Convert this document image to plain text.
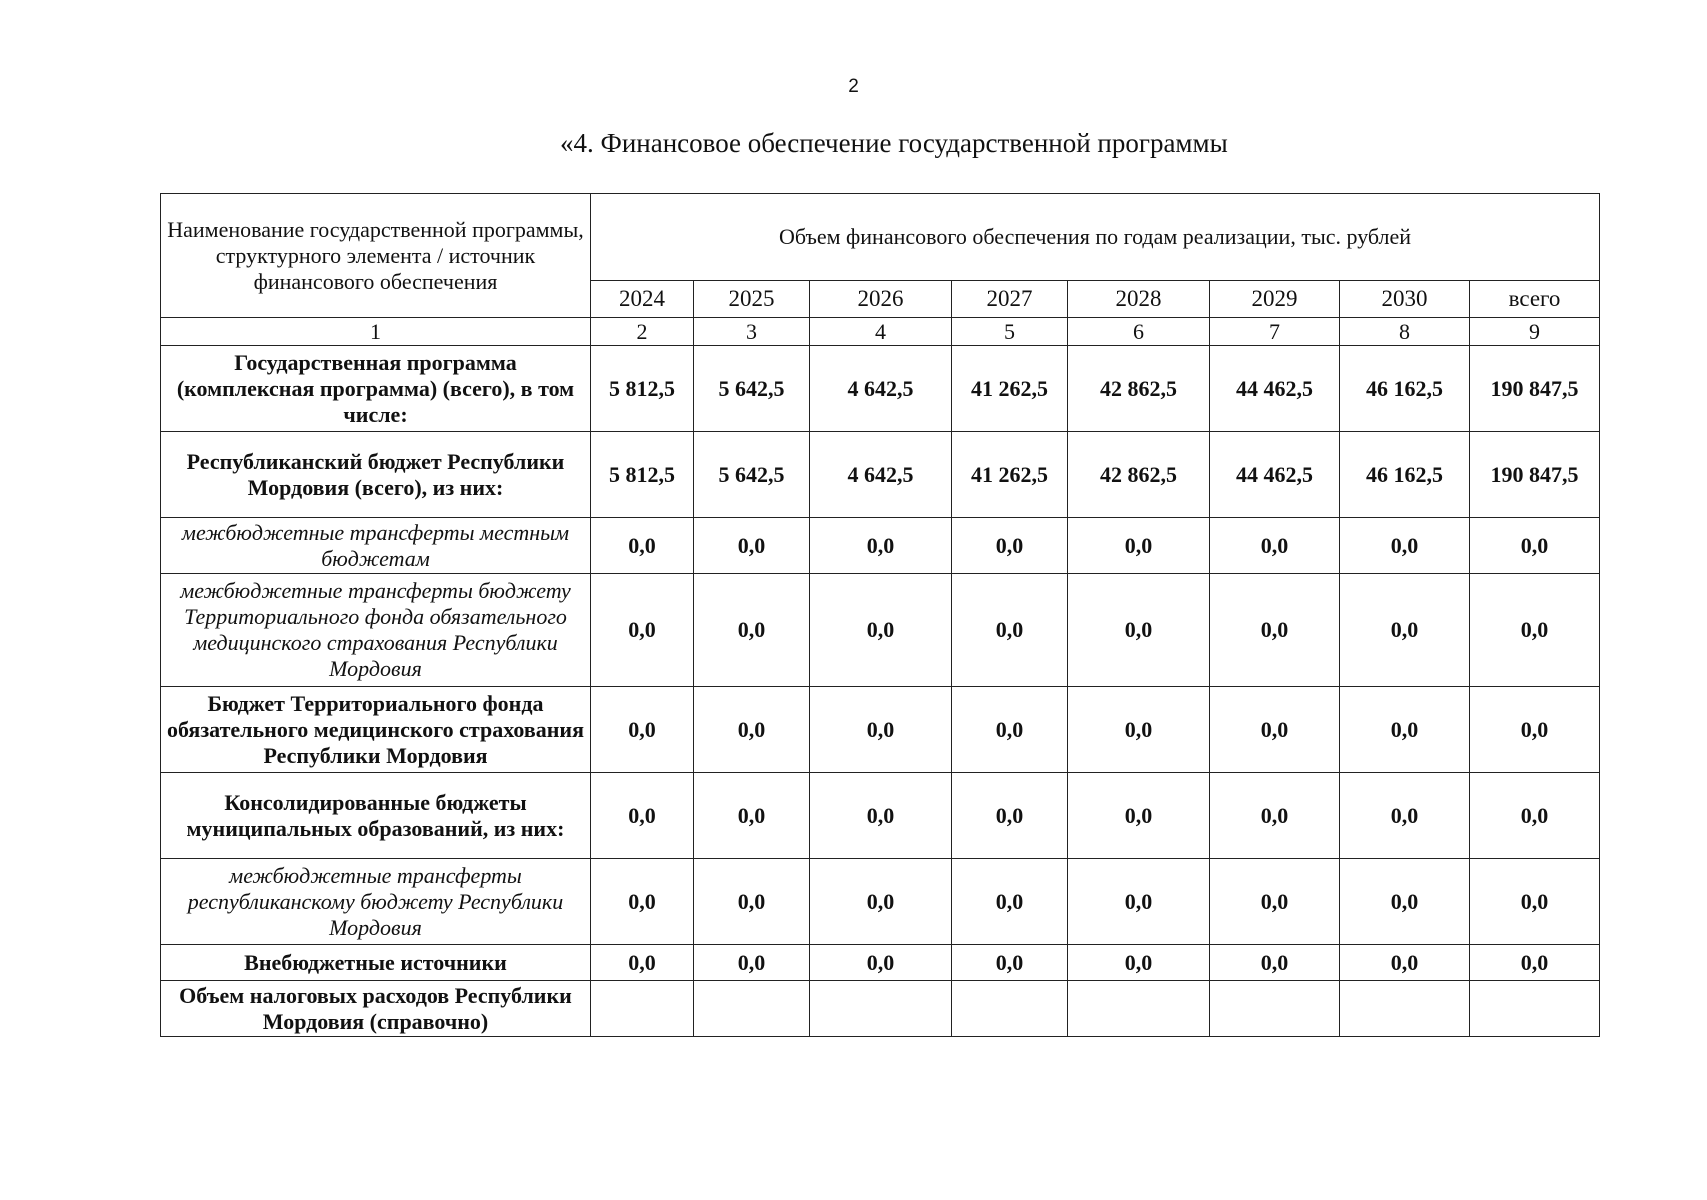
2
«4. Финансовое обеспечение государственной программы
Наименование государственной программы, структурного элемента / источник финансового обеспечения	Объем финансового обеспечения по годам реализации, тыс. рублей							
	2024	2025	2026	2027	2028	2029	2030	всего
1	2	3	4	5	6	7	8	9
Государственная программа (комплексная программа) (всего), в том числе:	5 812,5	5 642,5	4 642,5	41 262,5	42 862,5	44 462,5	46 162,5	190 847,5
Республиканский бюджет Республики Мордовия (всего), из них:	5 812,5	5 642,5	4 642,5	41 262,5	42 862,5	44 462,5	46 162,5	190 847,5
межбюджетные трансферты местным бюджетам	0,0	0,0	0,0	0,0	0,0	0,0	0,0	0,0
межбюджетные трансферты бюджету Территориального фонда обязательного медицинского страхования Республики Мордовия	0,0	0,0	0,0	0,0	0,0	0,0	0,0	0,0
Бюджет Территориального фонда обязательного медицинского страхования Республики Мордовия	0,0	0,0	0,0	0,0	0,0	0,0	0,0	0,0
Консолидированные бюджеты муниципальных образований, из них:	0,0	0,0	0,0	0,0	0,0	0,0	0,0	0,0
межбюджетные трансферты республиканскому бюджету Республики Мордовия	0,0	0,0	0,0	0,0	0,0	0,0	0,0	0,0
Внебюджетные источники	0,0	0,0	0,0	0,0	0,0	0,0	0,0	0,0
Объем налоговых расходов Республики Мордовия (справочно)								
